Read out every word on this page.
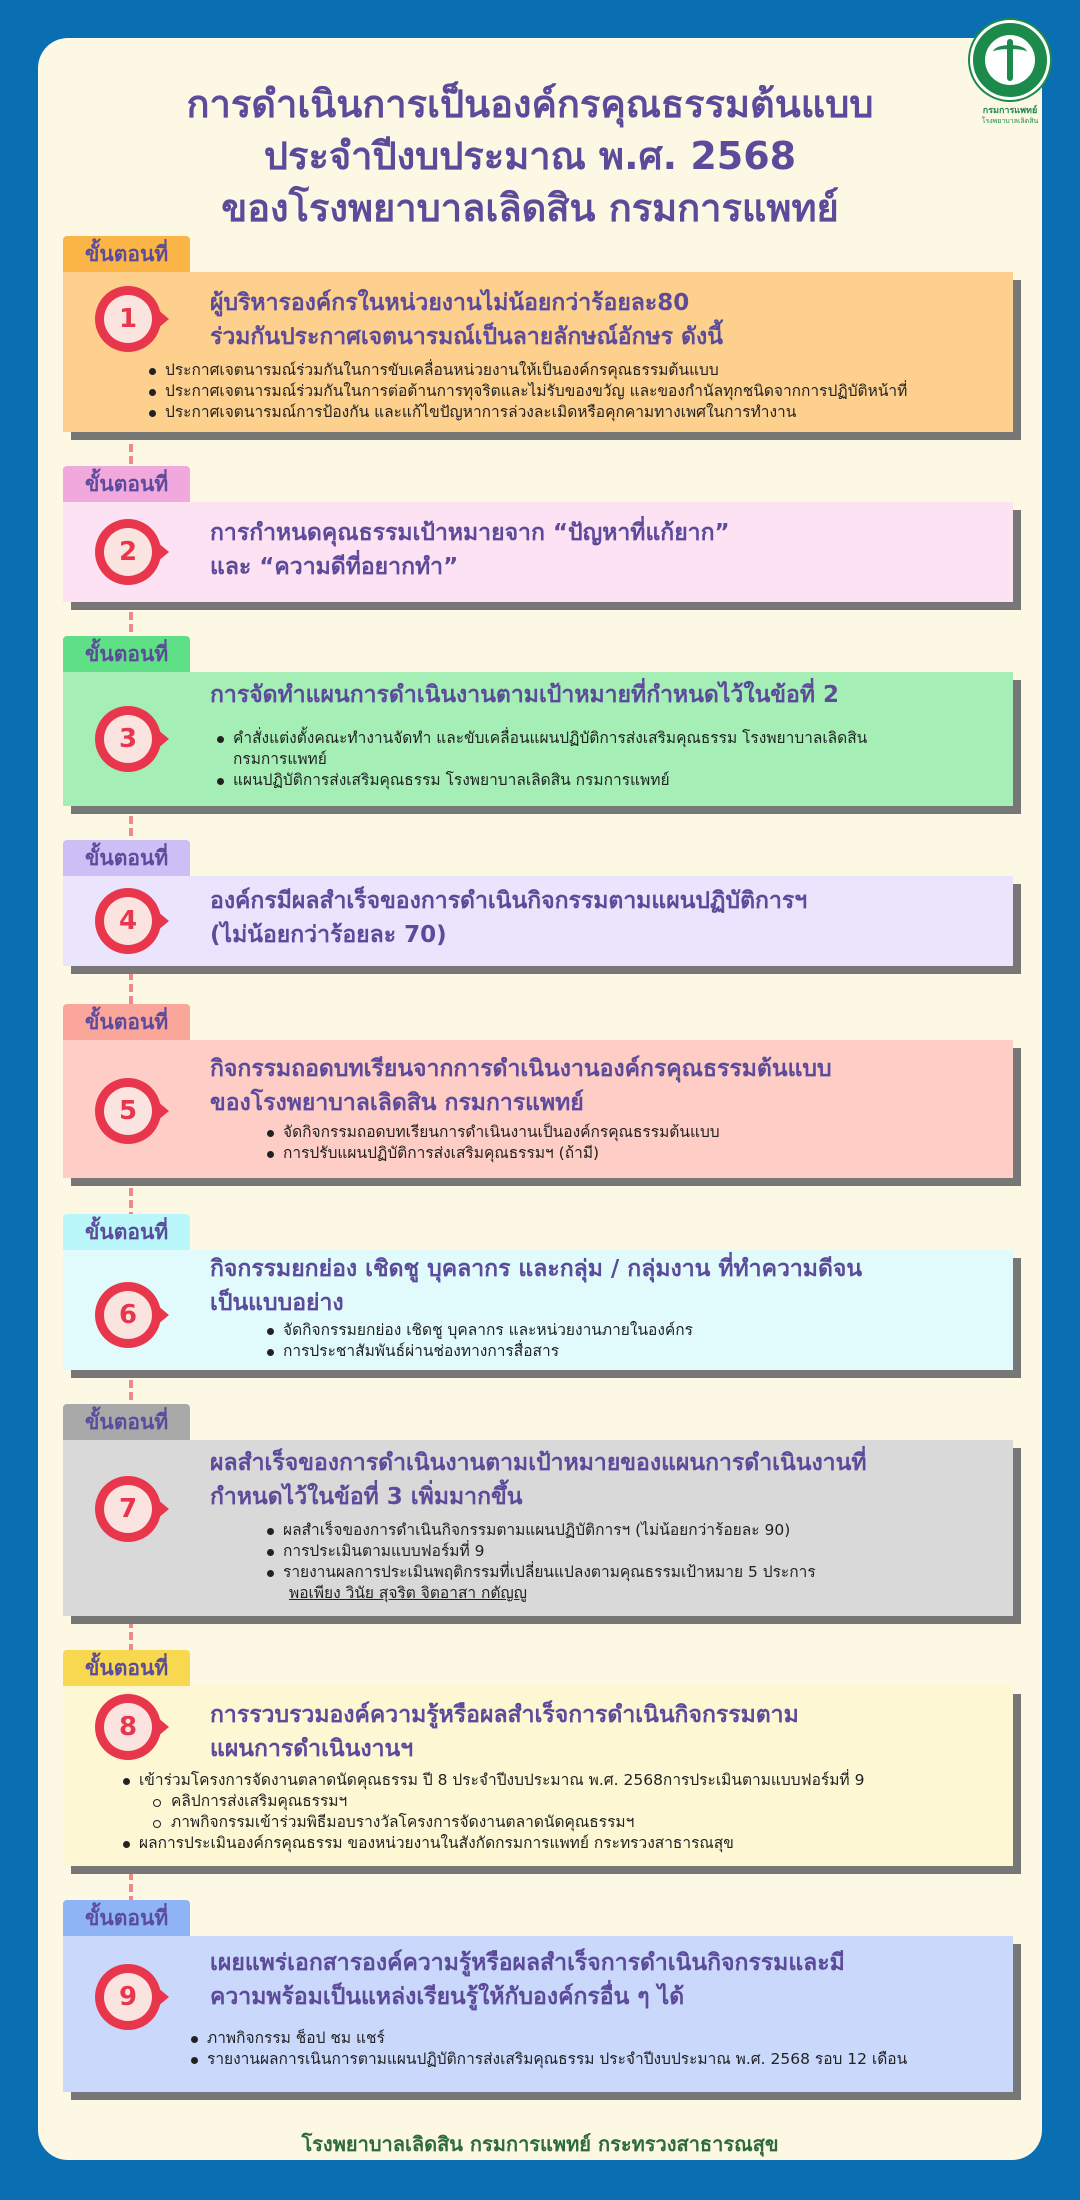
การดำเนินการเป็นองค์กรคุณธรรมต้นแบบ
ประจำปีงบประมาณ พ.ศ. 2568
ของโรงพยาบาลเลิดสิน กรมการแพทย์
กรมการแพทย์
โรงพยาบาลเลิดสิน
ขั้นตอนที่
1
ผู้บริหารองค์กรในหน่วยงานไม่น้อยกว่าร้อยละ80
ร่วมกันประกาศเจตนารมณ์เป็นลายลักษณ์อักษร ดังนี้
ประกาศเจตนารมณ์ร่วมกันในการขับเคลื่อนหน่วยงานให้เป็นองค์กรคุณธรรมต้นแบบ
ประกาศเจตนารมณ์ร่วมกันในการต่อต้านการทุจริตและไม่รับของขวัญ และของกำนัลทุกชนิดจากการปฏิบัติหน้าที่
ประกาศเจตนารมณ์การป้องกัน และแก้ไขปัญหาการล่วงละเมิดหรือคุกคามทางเพศในการทำงาน
ขั้นตอนที่
2
การกำหนดคุณธรรมเป้าหมายจาก “ปัญหาที่แก้ยาก”
และ “ความดีที่อยากทำ”
ขั้นตอนที่
3
การจัดทำแผนการดำเนินงานตามเป้าหมายที่กำหนดไว้ในข้อที่ 2
คำสั่งแต่งตั้งคณะทำงานจัดทำ และขับเคลื่อนแผนปฏิบัติการส่งเสริมคุณธรรม โรงพยาบาลเลิดสิน
กรมการแพทย์
แผนปฏิบัติการส่งเสริมคุณธรรม โรงพยาบาลเลิดสิน กรมการแพทย์
ขั้นตอนที่
4
องค์กรมีผลสำเร็จของการดำเนินกิจกรรมตามแผนปฏิบัติการฯ
(ไม่น้อยกว่าร้อยละ 70)
ขั้นตอนที่
5
กิจกรรมถอดบทเรียนจากการดำเนินงานองค์กรคุณธรรมต้นแบบ
ของโรงพยาบาลเลิดสิน กรมการแพทย์
จัดกิจกรรมถอดบทเรียนการดำเนินงานเป็นองค์กรคุณธรรมต้นแบบ
การปรับแผนปฏิบัติการส่งเสริมคุณธรรมฯ (ถ้ามี)
ขั้นตอนที่
6
กิจกรรมยกย่อง เชิดชู บุคลากร และกลุ่ม / กลุ่มงาน ที่ทำความดีจน
เป็นแบบอย่าง
จัดกิจกรรมยกย่อง เชิดชู บุคลากร และหน่วยงานภายในองค์กร
การประชาสัมพันธ์ผ่านช่องทางการสื่อสาร
ขั้นตอนที่
7
ผลสำเร็จของการดำเนินงานตามเป้าหมายของแผนการดำเนินงานที่
กำหนดไว้ในข้อที่ 3 เพิ่มมากขึ้น
ผลสำเร็จของการดำเนินกิจกรรมตามแผนปฏิบัติการฯ (ไม่น้อยกว่าร้อยละ 90)
การประเมินตามแบบฟอร์มที่ 9
รายงานผลการประเมินพฤติกรรมที่เปลี่ยนแปลงตามคุณธรรมเป้าหมาย 5 ประการ
พอเพียง วินัย สุจริต จิตอาสา กตัญญู
ขั้นตอนที่
8	การรวบรวมองค์ความรู้หรือผลสำเร็จการดำเนินกิจกรรมตาม
แผนการดำเนินงานฯ
เข้าร่วมโครงการจัดงานตลาดนัดคุณธรรม ปี 8 ประจำปีงบประมาณ พ.ศ. 2568การประเมินตามแบบฟอร์มที่ 9
คลิปการส่งเสริมคุณธรรมฯ
ภาพกิจกรรมเข้าร่วมพิธีมอบรางวัลโครงการจัดงานตลาดนัดคุณธรรมฯ
ผลการประเมินองค์กรคุณธรรม ของหน่วยงานในสังกัดกรมการแพทย์ กระทรวงสาธารณสุข
ขั้นตอนที่
9
เผยแพร่เอกสารองค์ความรู้หรือผลสำเร็จการดำเนินกิจกรรมและมี
ความพร้อมเป็นแหล่งเรียนรู้ให้กับองค์กรอื่น ๆ ได้
ภาพกิจกรรม ช็อป ชม แชร์
รายงานผลการเนินการตามแผนปฏิบัติการส่งเสริมคุณธรรม ประจำปีงบประมาณ พ.ศ. 2568 รอบ 12 เดือน
โรงพยาบาลเลิดสิน กรมการแพทย์ กระทรวงสาธารณสุข
